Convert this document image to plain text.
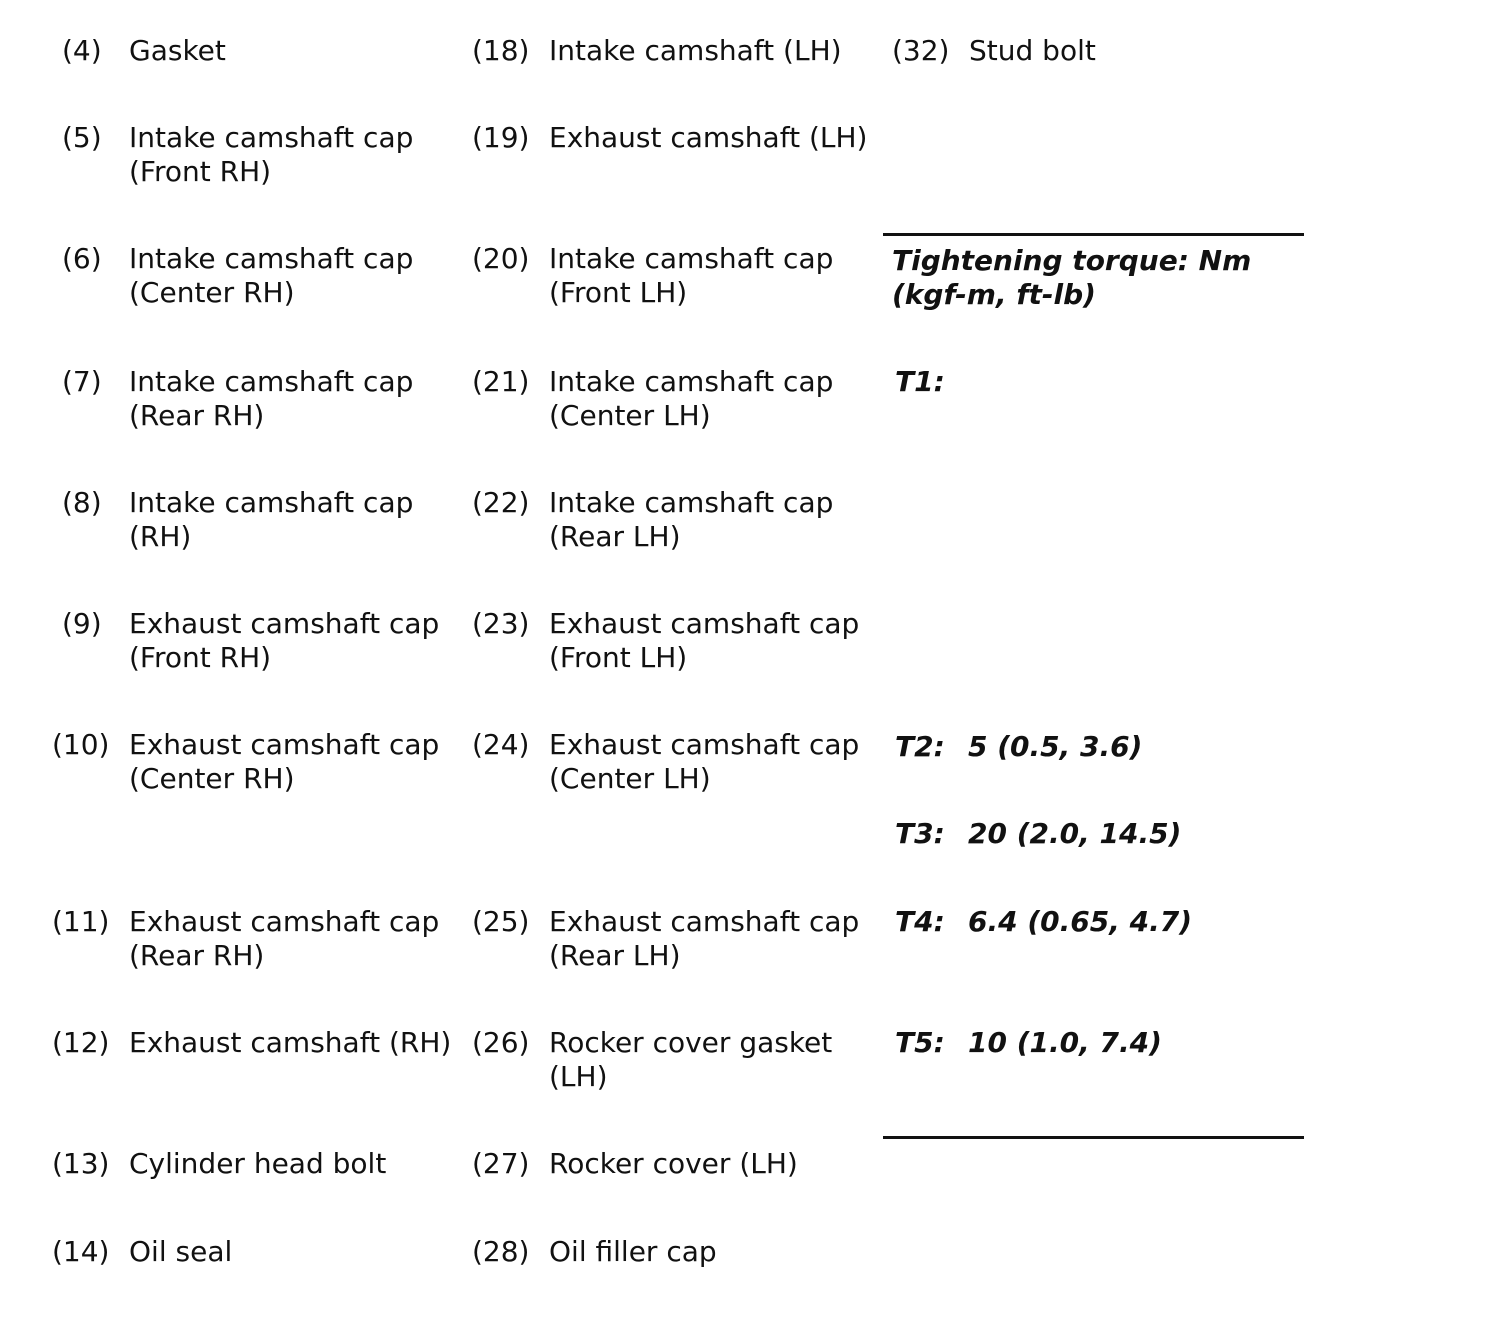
(4) Gasket
(5) Intake camshaft cap
(Front RH)
(6) Intake camshaft cap
(Center RH)
(7) Intake camshaft cap
(Rear RH)
(8) Intake camshaft cap
(RH)
(9) Exhaust camshaft cap
(Front RH)
(10) Exhaust camshaft cap
(Center RH)
(11) Exhaust camshaft cap
(Rear RH)
(12) Exhaust camshaft (RH)
(13) Cylinder head bolt
(14) Oil seal
(18) Intake camshaft (LH)
(19) Exhaust camshaft (LH)
(20) Intake camshaft cap
(Front LH)
(21) Intake camshaft cap
(Center LH)
(22) Intake camshaft cap
(Rear LH)
(23) Exhaust camshaft cap
(Front LH)
(24) Exhaust camshaft cap
(Center LH)
(25) Exhaust camshaft cap
(Rear LH)
(26) Rocker cover gasket
(LH)
(27) Rocker cover (LH)
(28) Oil filler cap
(32) Stud bolt
Tightening torque: Nm
(kgf-m, ft-lb)
T1:
T2: 5 (0.5, 3.6)
T3: 20 (2.0, 14.5)
T4: 6.4 (0.65, 4.7)
T5: 10 (1.0, 7.4)
